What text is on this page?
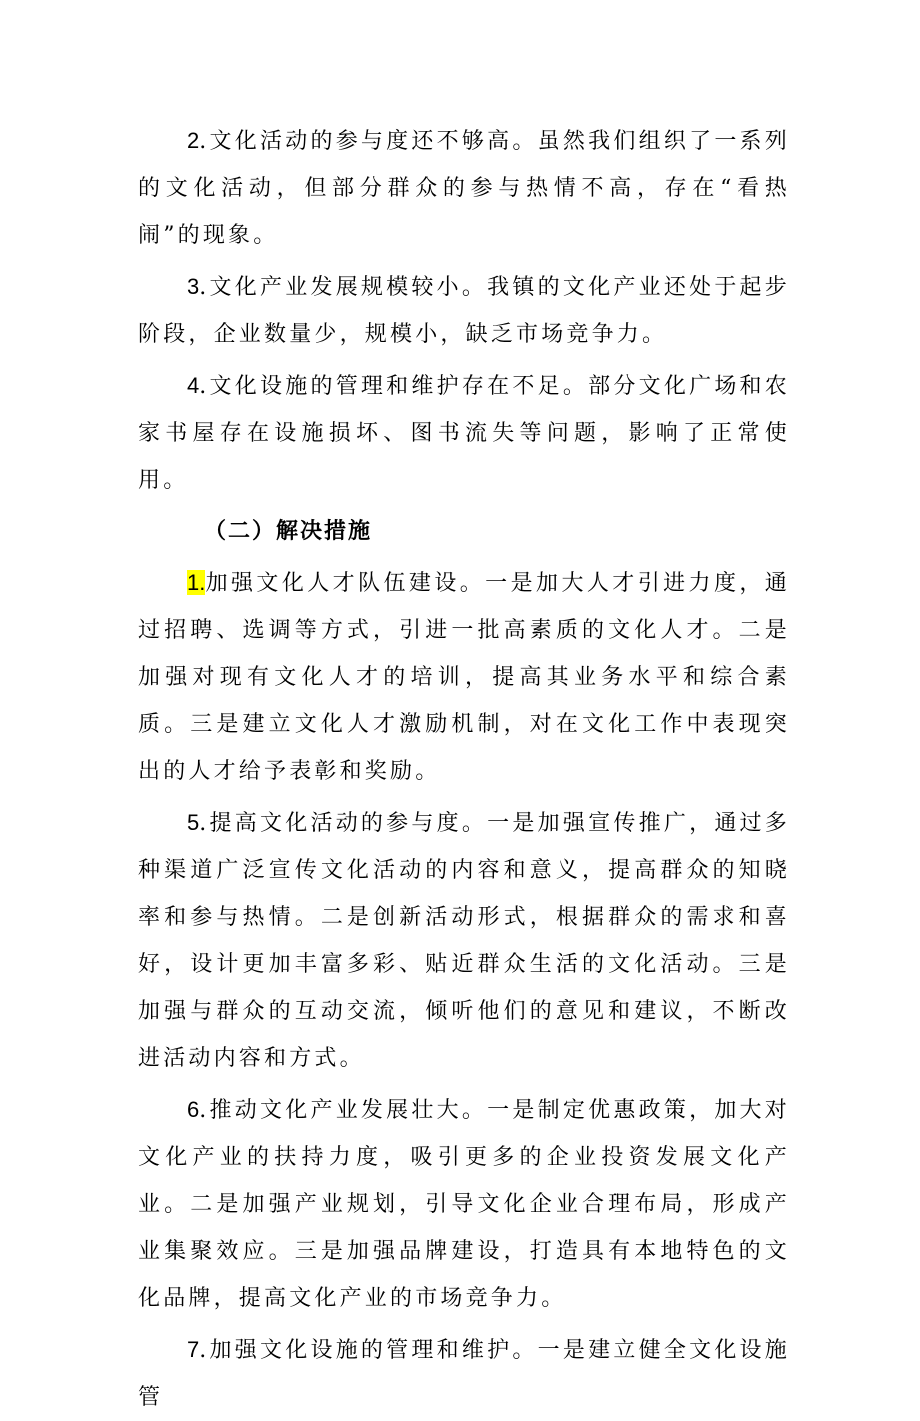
2.文化活动的参与度还不够高。虽然我们组织了一系列的文化活动，但部分群众的参与热情不高，存在“看热闹”的现象。

3.文化产业发展规模较小。我镇的文化产业还处于起步阶段，企业数量少，规模小，缺乏市场竞争力。

4.文化设施的管理和维护存在不足。部分文化广场和农家书屋存在设施损坏、图书流失等问题，影响了正常使用。

（二）解决措施

1.加强文化人才队伍建设。一是加大人才引进力度，通过招聘、选调等方式，引进一批高素质的文化人才。二是加强对现有文化人才的培训，提高其业务水平和综合素质。三是建立文化人才激励机制，对在文化工作中表现突出的人才给予表彰和奖励。

5.提高文化活动的参与度。一是加强宣传推广，通过多种渠道广泛宣传文化活动的内容和意义，提高群众的知晓率和参与热情。二是创新活动形式，根据群众的需求和喜好，设计更加丰富多彩、贴近群众生活的文化活动。三是加强与群众的互动交流，倾听他们的意见和建议，不断改进活动内容和方式。

6.推动文化产业发展壮大。一是制定优惠政策，加大对文化产业的扶持力度，吸引更多的企业投资发展文化产业。二是加强产业规划，引导文化企业合理布局，形成产业集聚效应。三是加强品牌建设，打造具有本地特色的文化品牌，提高文化产业的市场竞争力。

7.加强文化设施的管理和维护。一是建立健全文化设施管
